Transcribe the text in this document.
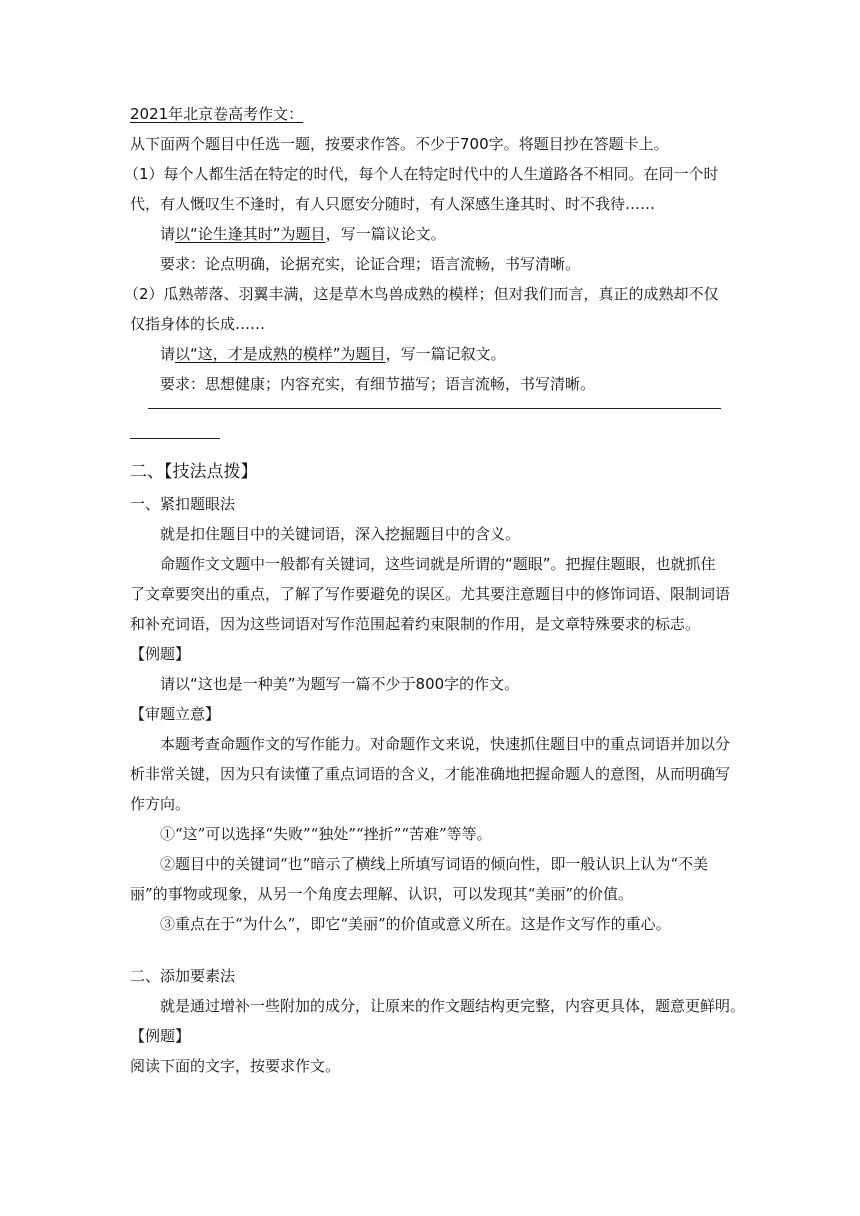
2021年北京卷高考作文：
从下面两个题目中任选一题，按要求作答。不少于700字。将题目抄在答题卡上。
（1）每个人都生活在特定的时代，每个人在特定时代中的人生道路各不相同。在同一个时
代，有人慨叹生不逢时，有人只愿安分随时，有人深感生逢其时、时不我待……
请以“论生逢其时”为题目，写一篇议论文。
要求：论点明确，论据充实，论证合理；语言流畅，书写清晰。
（2）瓜熟蒂落、羽翼丰满，这是草木鸟兽成熟的模样；但对我们而言，真正的成熟却不仅
仅指身体的长成……
请以“这，才是成熟的模样”为题目，写一篇记叙文。
要求：思想健康；内容充实，有细节描写；语言流畅，书写清晰。
二、【技法点拨】
一、紧扣题眼法
就是扣住题目中的关键词语，深入挖掘题目中的含义。
命题作文文题中一般都有关键词，这些词就是所谓的“题眼”。把握住题眼，也就抓住
了文章要突出的重点，了解了写作要避免的误区。尤其要注意题目中的修饰词语、限制词语
和补充词语，因为这些词语对写作范围起着约束限制的作用，是文章特殊要求的标志。
【例题】
请以“这也是一种美”为题写一篇不少于800字的作文。
【审题立意】
本题考查命题作文的写作能力。对命题作文来说，快速抓住题目中的重点词语并加以分
析非常关键，因为只有读懂了重点词语的含义，才能准确地把握命题人的意图，从而明确写
作方向。
①“这”可以选择“失败”“独处”“挫折”“苦难”等等。
②题目中的关键词“也”暗示了横线上所填写词语的倾向性，即一般认识上认为“不美
丽”的事物或现象，从另一个角度去理解、认识，可以发现其“美丽”的价值。
③重点在于“为什么”，即它“美丽”的价值或意义所在。这是作文写作的重心。
二、添加要素法
就是通过增补一些附加的成分，让原来的作文题结构更完整，内容更具体，题意更鲜明。
【例题】
阅读下面的文字，按要求作文。
